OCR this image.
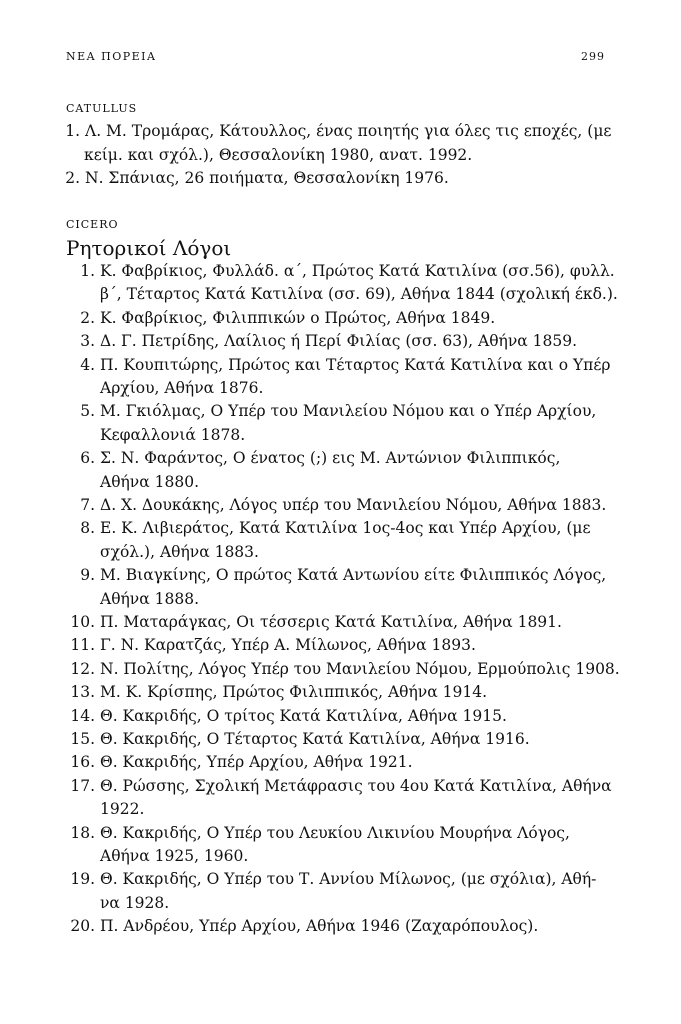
ΝΕΑ ΠΟΡΕΙΑ	299
CATULLUS
1. Λ. Μ. Τρομάρας, Κάτουλλος, ένας ποιητής για όλες τις εποχές, (με
κείμ. και σχόλ.), Θεσσαλονίκη 1980, ανατ. 1992.
2. Ν. Σπάνιας, 26 ποιήματα, Θεσσαλονίκη 1976.
CICERO
Ρητορικοί Λόγοι
1. Κ. Φαβρίκιος, Φυλλάδ. α΄, Πρώτος Κατά Κατιλίνα (σσ.56), φυλλ.
β΄, Τέταρτος Κατά Κατιλίνα (σσ. 69), Αθήνα 1844 (σχολική έκδ.).
2. Κ. Φαβρίκιος, Φιλιππικών ο Πρώτος, Αθήνα 1849.
3. Δ. Γ. Πετρίδης, Λαίλιος ή Περί Φιλίας (σσ. 63), Αθήνα 1859.
4. Π. Κουπιτώρης, Πρώτος και Τέταρτος Κατά Κατιλίνα και ο Υπέρ
Αρχίου, Αθήνα 1876.
5. Μ. Γκιόλμας, Ο Υπέρ του Μανιλείου Νόμου και ο Υπέρ Αρχίου,
Κεφαλλονιά 1878.
6. Σ. Ν. Φαράντος, Ο ένατος (;) εις Μ. Αντώνιον Φιλιππικός,
Αθήνα 1880.
7. Δ. Χ. Δουκάκης, Λόγος υπέρ του Μανιλείου Νόμου, Αθήνα 1883.
8. Ε. Κ. Λιβιεράτος, Κατά Κατιλίνα 1ος-4ος και Υπέρ Αρχίου, (με
σχόλ.), Αθήνα 1883.
9. Μ. Βιαγκίνης, Ο πρώτος Κατά Αντωνίου είτε Φιλιππικός Λόγος,
Αθήνα 1888.
10. Π. Ματαράγκας, Οι τέσσερις Κατά Κατιλίνα, Αθήνα 1891.
11. Γ. Ν. Καρατζάς, Υπέρ Α. Μίλωνος, Αθήνα 1893.
12. Ν. Πολίτης, Λόγος Υπέρ του Μανιλείου Νόμου, Ερμούπολις 1908.
13. Μ. Κ. Κρίσπης, Πρώτος Φιλιππικός, Αθήνα 1914.
14. Θ. Κακριδής, Ο τρίτος Κατά Κατιλίνα, Αθήνα 1915.
15. Θ. Κακριδής, Ο Τέταρτος Κατά Κατιλίνα, Αθήνα 1916.
16. Θ. Κακριδής, Υπέρ Αρχίου, Αθήνα 1921.
17. Θ. Ρώσσης, Σχολική Μετάφρασις του 4ου Κατά Κατιλίνα, Αθήνα
1922.
18. Θ. Κακριδής, Ο Υπέρ του Λευκίου Λικινίου Μουρήνα Λόγος,
Αθήνα 1925, 1960.
19. Θ. Κακριδής, Ο Υπέρ του Τ. Αννίου Μίλωνος, (με σχόλια), Αθή-
να 1928.
20. Π. Ανδρέου, Υπέρ Αρχίου, Αθήνα 1946 (Ζαχαρόπουλος).
